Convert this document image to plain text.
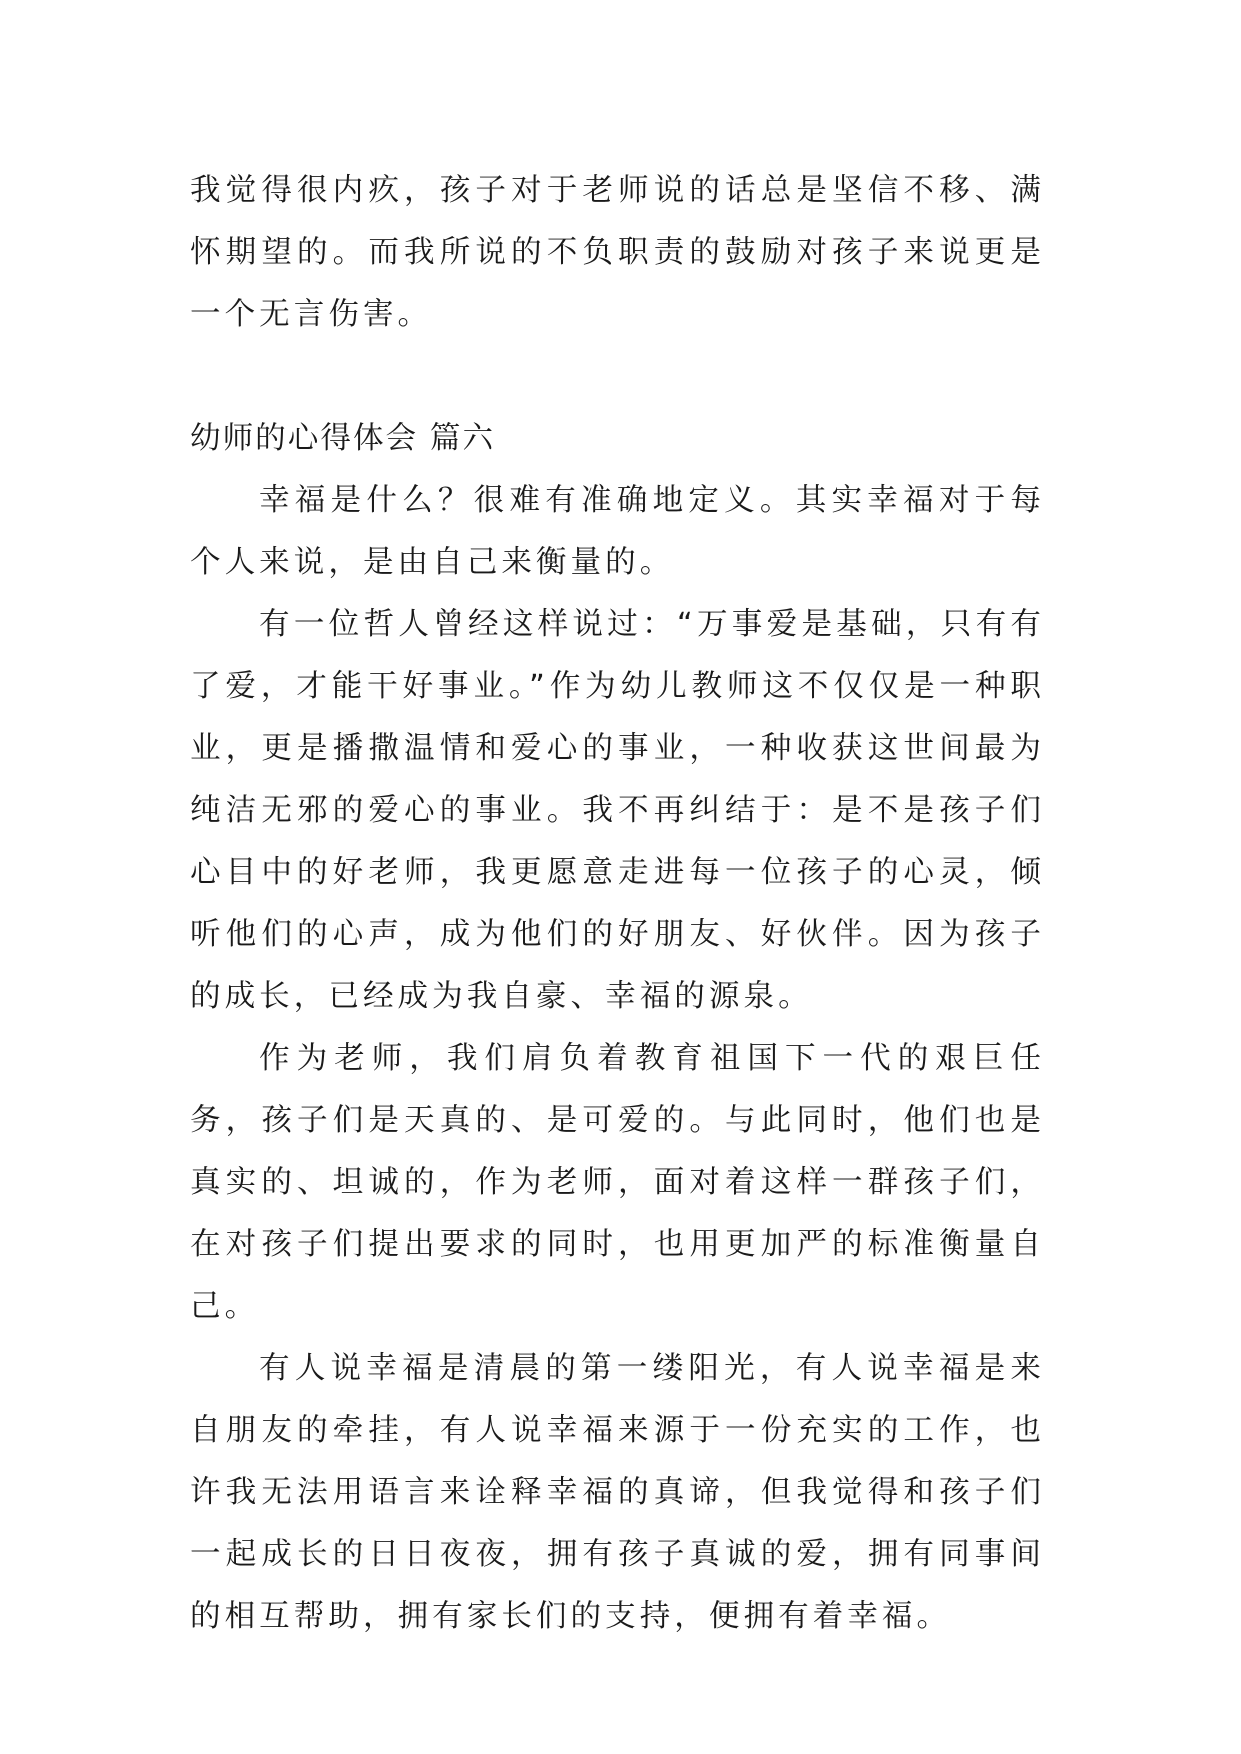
我觉得很内疚，孩子对于老师说的话总是坚信不移、满怀期望的。而我所说的不负职责的鼓励对孩子来说更是一个无言伤害。

幼师的心得体会 篇六

幸福是什么？很难有准确地定义。其实幸福对于每个人来说，是由自己来衡量的。

有一位哲人曾经这样说过：“万事爱是基础，只有有了爱，才能干好事业。”作为幼儿教师这不仅仅是一种职业，更是播撒温情和爱心的事业，一种收获这世间最为纯洁无邪的爱心的事业。我不再纠结于：是不是孩子们心目中的好老师，我更愿意走进每一位孩子的心灵，倾听他们的心声，成为他们的好朋友、好伙伴。因为孩子的成长，已经成为我自豪、幸福的源泉。

作为老师，我们肩负着教育祖国下一代的艰巨任务，孩子们是天真的、是可爱的。与此同时，他们也是真实的、坦诚的，作为老师，面对着这样一群孩子们，在对孩子们提出要求的同时，也用更加严的标准衡量自己。

有人说幸福是清晨的第一缕阳光，有人说幸福是来自朋友的牵挂，有人说幸福来源于一份充实的工作，也许我无法用语言来诠释幸福的真谛，但我觉得和孩子们一起成长的日日夜夜，拥有孩子真诚的爱，拥有同事间的相互帮助，拥有家长们的支持，便拥有着幸福。
